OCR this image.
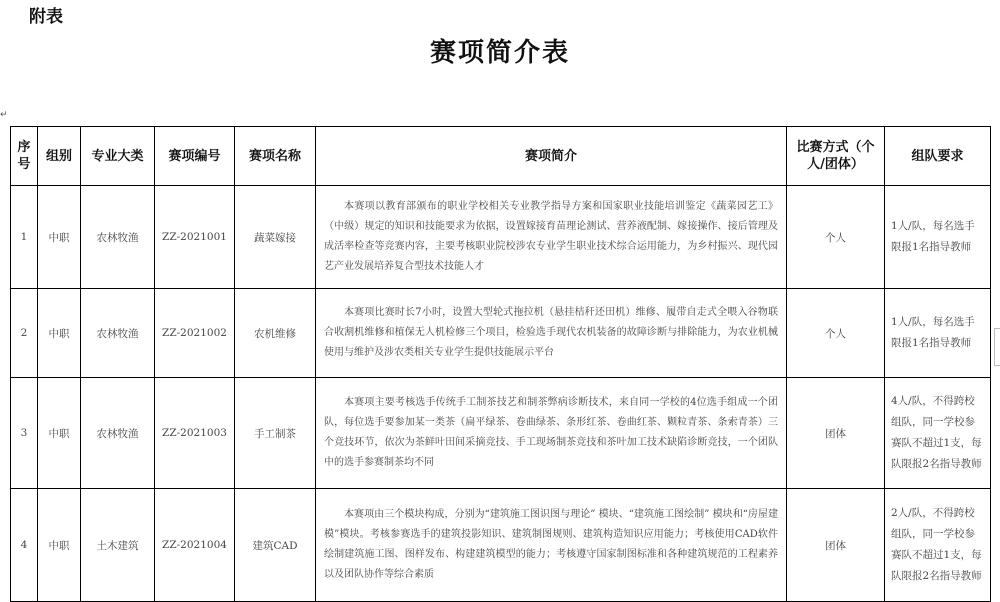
附表
赛项简介表
↵
序号	组别	专业大类	赛项编号	赛项名称	赛项简介	比赛方式（个人/团体）	组队要求
1	中职	农林牧渔	ZZ-2021001	蔬菜嫁接	本赛项以教育部颁布的职业学校相关专业教学指导方案和国家职业技能培训鉴定《蔬菜园艺工》（中级）规定的知识和技能要求为依据，设置嫁接育苗理论测试、营养液配制、嫁接操作、接后管理及成活率检查等竞赛内容，主要考核职业院校涉农专业学生职业技术综合运用能力，为乡村振兴、现代园艺产业发展培养复合型技术技能人才	个人	1人/队，每名选手限报1名指导教师
2	中职	农林牧渔	ZZ-2021002	农机维修	本赛项比赛时长7小时，设置大型轮式拖拉机（悬挂桔秆还田机）维修、履带自走式全喂入谷物联合收割机维修和植保无人机检修三个项目，检验选手现代农机装备的故障诊断与排除能力，为农业机械使用与维护及涉农类相关专业学生提供技能展示平台	个人	1人/队，每名选手限报1名指导教师
3	中职	农林牧渔	ZZ-2021003	手工制茶	本赛项主要考核选手传统手工制茶技艺和制茶弊病诊断技术，来自同一学校的4位选手组成一个团队，每位选手要参加某一类茶（扁平绿茶、卷曲绿茶、条形红茶、卷曲红茶、颗粒青茶、条索青茶）三个竞技环节，依次为茶鲜叶田间采摘竞技、手工现场制茶竞技和茶叶加工技术缺陷诊断竞技，一个团队中的选手参赛制茶均不同	团体	4人/队，不得跨校组队，同一学校参赛队不超过1支，每队限报2名指导教师
4	中职	土木建筑	ZZ-2021004	建筑CAD	本赛项由三个模块构成，分别为“建筑施工图识图与理论” 模块、“建筑施工图绘制” 模块和“房屋建模”模块。考核参赛选手的建筑投影知识、建筑制图规则、建筑构造知识应用能力；考核使用CAD软件绘制建筑施工图、图样发布、构建建筑模型的能力；考核遵守国家制图标准和各种建筑规范的工程素养以及团队协作等综合素质	团体	2人/队，不得跨校组队，同一学校参赛队不超过1支，每队限报2名指导教师
